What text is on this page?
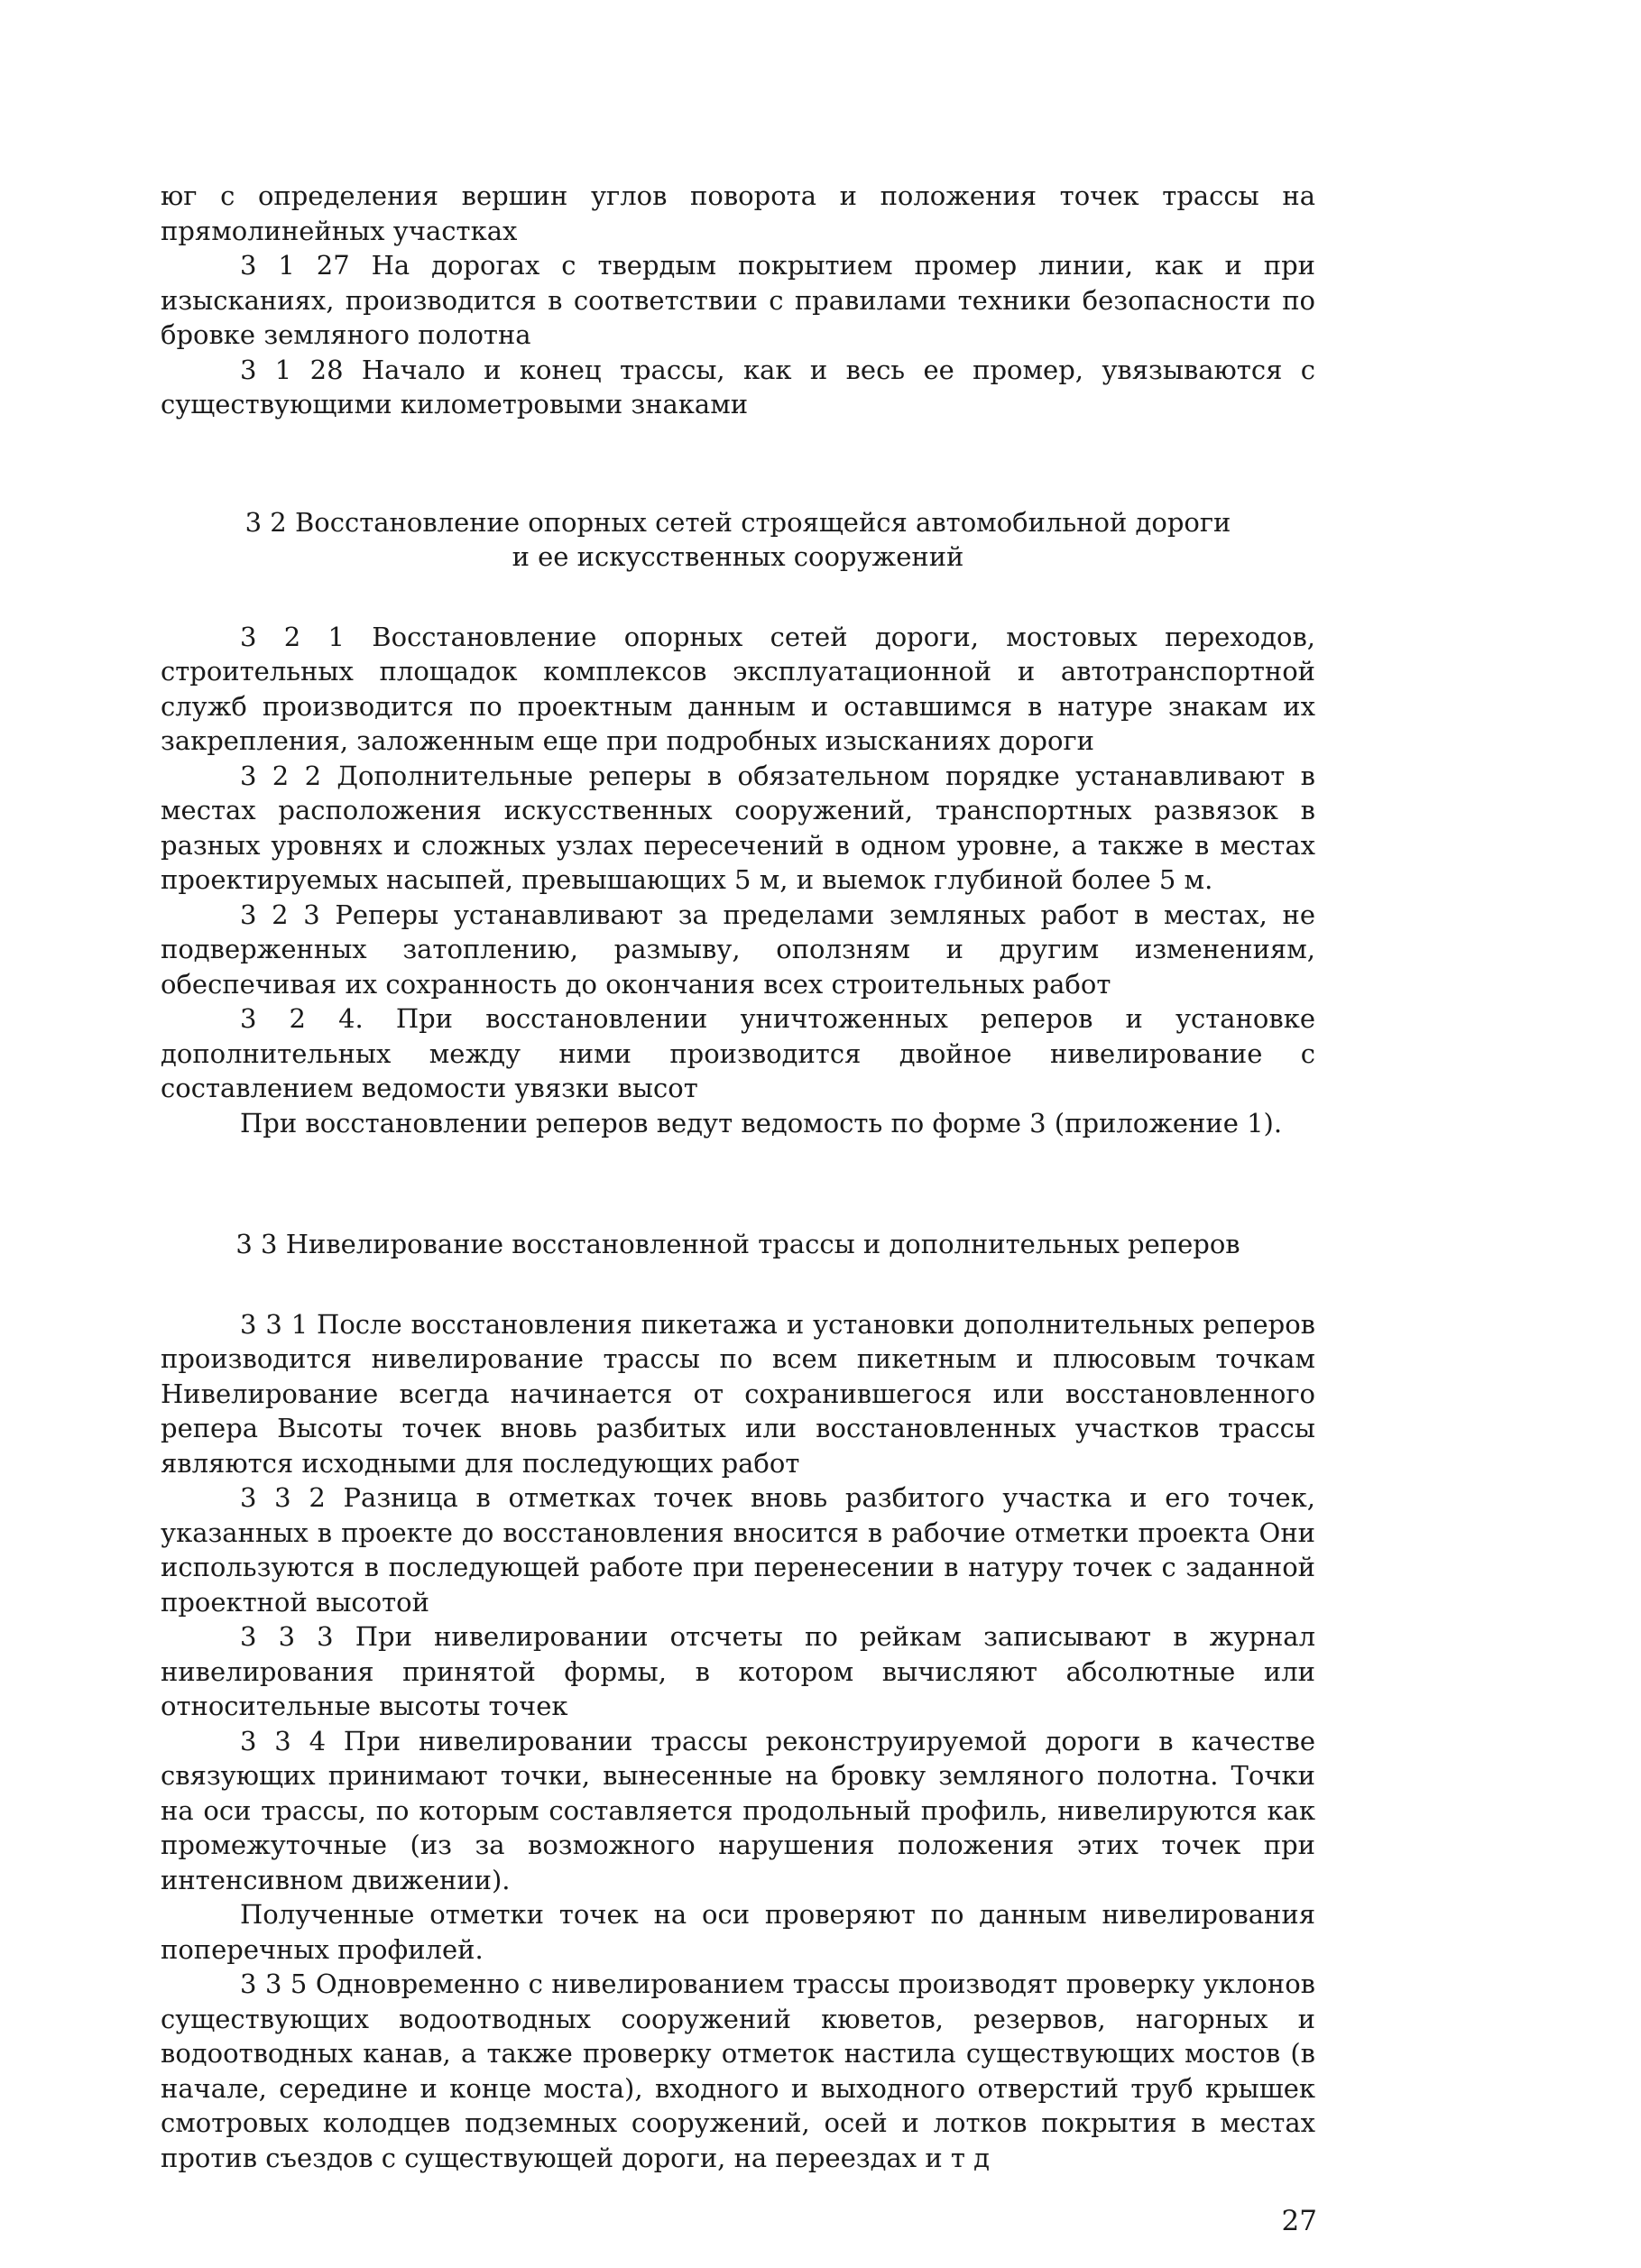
юг с определения вершин углов поворота и положения точек трассы на прямолинейных участках

3 1 27 На дорогах с твердым покрытием промер линии, как и при изысканиях, производится в соответствии с правилами техники безопасности по бровке земляного полотна

3 1 28 Начало и конец трассы, как и весь ее промер, увязываются с существующими километровыми знаками

3 2 Восстановление опорных сетей строящейся автомобильной дороги
и ее искусственных сооружений

3 2 1 Восстановление опорных сетей дороги, мостовых переходов, строительных площадок комплексов эксплуатационной и автотранспортной служб производится по проектным данным и оставшимся в натуре знакам их закрепления, заложенным еще при подробных изысканиях дороги

3 2 2 Дополнительные реперы в обязательном порядке устанавливают в местах расположения искусственных сооружений, транспортных развязок в разных уровнях и сложных узлах пересечений в одном уровне, а также в местах проектируемых насыпей, превышающих 5 м, и выемок глубиной более 5 м.

3 2 3 Реперы устанавливают за пределами земляных работ в местах, не подверженных затоплению, размыву, оползням и другим изменениям, обеспечивая их сохранность до окончания всех строительных работ

3 2 4. При восстановлении уничтоженных реперов и установке дополнительных между ними производится двойное нивелирование с составлением ведомости увязки высот

При восстановлении реперов ведут ведомость по форме 3 (приложение 1).

3 3 Нивелирование восстановленной трассы и дополнительных реперов

3 3 1 После восстановления пикетажа и установки дополнительных реперов производится нивелирование трассы по всем пикетным и плюсовым точкам Нивелирование всегда начинается от сохранившегося или восстановленного репера Высоты точек вновь разбитых или восстановленных участков трассы являются исходными для последующих работ

3 3 2 Разница в отметках точек вновь разбитого участка и его точек, указанных в проекте до восстановления вносится в рабочие отметки проекта Они используются в последующей работе при перенесении в натуру точек с заданной проектной высотой

3 3 3 При нивелировании отсчеты по рейкам записывают в журнал нивелирования принятой формы, в котором вычисляют абсолютные или относительные высоты точек

3 3 4 При нивелировании трассы реконструируемой дороги в качестве связующих принимают точки, вынесенные на бровку земляного полотна. Точки на оси трассы, по которым составляется продольный профиль, нивелируются как промежуточные (из за возможного нарушения положения этих точек при интенсивном движении).

Полученные отметки точек на оси проверяют по данным нивелирования поперечных профилей.

3 3 5 Одновременно с нивелированием трассы производят проверку уклонов существующих водоотводных сооружений кюветов, резервов, нагорных и водоотводных канав, а также проверку отметок настила существующих мостов (в начале, середине и конце моста), входного и выходного отверстий труб крышек смотровых колодцев подземных сооружений, осей и лотков покрытия в местах против съездов с существующей дороги, на переездах и т д

27
